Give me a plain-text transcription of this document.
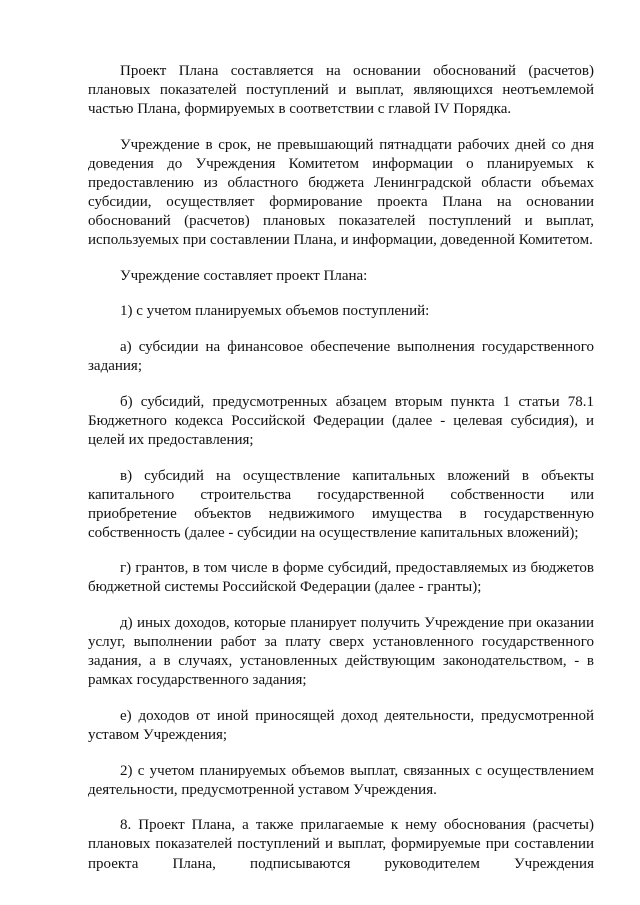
Проект Плана составляется на основании обоснований (расчетов) плановых показателей поступлений и выплат, являющихся неотъемлемой частью Плана, формируемых в соответствии с главой IV Порядка.

Учреждение в срок, не превышающий пятнадцати рабочих дней со дня доведения до Учреждения Комитетом информации о планируемых к предоставлению из областного бюджета Ленинградской области объемах субсидии, осуществляет формирование проекта Плана на основании обоснований (расчетов) плановых показателей поступлений и выплат, используемых при составлении Плана, и информации, доведенной Комитетом.

Учреждение составляет проект Плана:

1) с учетом планируемых объемов поступлений:

а) субсидии на финансовое обеспечение выполнения государственного задания;

б) субсидий, предусмотренных абзацем вторым пункта 1 статьи 78.1 Бюджетного кодекса Российской Федерации (далее - целевая субсидия), и целей их предоставления;

в) субсидий на осуществление капитальных вложений в объекты капитального строительства государственной собственности или приобретение объектов недвижимого имущества в государственную собственность (далее - субсидии на осуществление капитальных вложений);

г) грантов, в том числе в форме субсидий, предоставляемых из бюджетов бюджетной системы Российской Федерации (далее - гранты);

д) иных доходов, которые планирует получить Учреждение при оказании услуг, выполнении работ за плату сверх установленного государственного задания, а в случаях, установленных действующим законодательством, - в рамках государственного задания;

е) доходов от иной приносящей доход деятельности, предусмотренной уставом Учреждения;

2) с учетом планируемых объемов выплат, связанных с осуществлением деятельности, предусмотренной уставом Учреждения.

8. Проект Плана, а также прилагаемые к нему обоснования (расчеты) плановых показателей поступлений и выплат, формируемые при составлении проекта Плана, подписываются руководителем Учреждения
